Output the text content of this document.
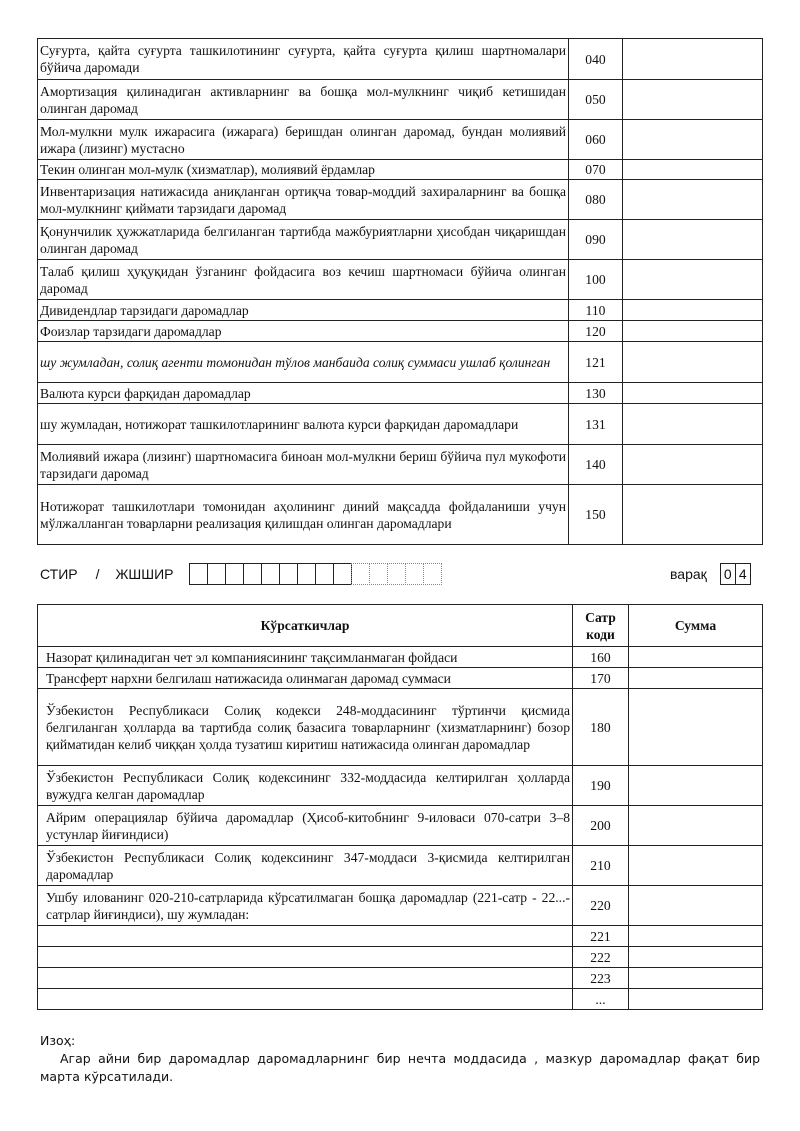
Суғурта, қайта суғурта ташкилотининг суғурта, қайта суғурта қилиш шартномалари бўйича даромади	040	
Амортизация қилинадиган активларнинг ва бошқа мол-мулкнинг чиқиб кетишидан олинган даромад	050	
Мол-мулкни мулк ижарасига (ижарага) беришдан олинган даромад, бундан молиявий ижара (лизинг) мустасно	060	
Текин олинган мол-мулк (хизматлар), молиявий ёрдамлар	070	
Инвентаризация натижасида аниқланган ортиқча товар-моддий захираларнинг ва бошқа мол-мулкнинг қиймати тарзидаги даромад	080	
Қонунчилик ҳужжатларида белгиланган тартибда мажбуриятларни ҳисобдан чиқаришдан олинган даромад	090	
Талаб қилиш ҳуқуқидан ўзганинг фойдасига воз кечиш шартномаси бўйича олинган даромад	100	
Дивидендлар тарзидаги даромадлар	110	
Фоизлар тарзидаги даромадлар	120	
шу жумладан, солиқ агенти томонидан тўлов манбаида солиқ суммаси ушлаб қолинган	121	
Валюта курси фарқидан даромадлар	130	
шу жумладан, нотижорат ташкилотларининг валюта курси фарқидан даромадлари	131	
Молиявий ижара (лизинг) шартномасига биноан мол-мулкни бериш бўйича пул мукофоти тарзидаги даромад	140	
Нотижорат ташкилотлари томонидан аҳолининг диний мақсадда фойдаланиши учун мўлжалланган товарларни реализация қилишдан олинган даромадлари	150	
СТИР / ЖШШИР	варақ 0 4
Кўрсаткичлар	Сатр коди	Сумма
Назорат қилинадиган чет эл компаниясининг тақсимланмаган фойдаси	160	
Трансферт нархни белгилаш натижасида олинмаган даромад суммаси	170	
Ўзбекистон Республикаси Солиқ кодекси 248-моддасининг тўртинчи қисмида белгиланган ҳолларда ва тартибда солиқ базасига товарларнинг (хизматларнинг) бозор қийматидан келиб чиққан ҳолда тузатиш киритиш натижасида олинган даромадлар	180	
Ўзбекистон Республикаси Солиқ кодексининг 332-моддасида келтирилган ҳолларда вужудга келган даромадлар	190	
Айрим операциялар бўйича даромадлар (Ҳисоб-китобнинг 9-иловаси 070-сатри 3–8 устунлар йиғиндиси)	200	
Ўзбекистон Республикаси Солиқ кодексининг 347-моддаси 3-қисмида келтирилган даромадлар	210	
Ушбу илованинг 020-210-сатрларида кўрсатилмаган бошқа даромадлар (221-сатр - 22...-сатрлар йиғиндиси), шу жумладан:	220	
	221	
	222	
	223	
	...	
Изоҳ:
Агар айни бир даромадлар даромадларнинг бир нечта моддасида , мазкур даромадлар фақат бир марта кўрсатилади.
